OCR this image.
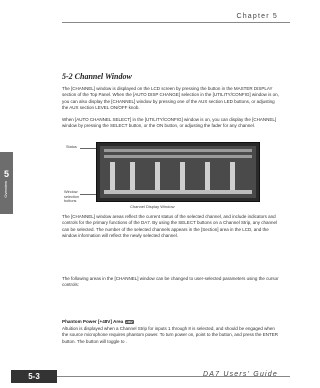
Chapter 5
5
Overview
5-2 Channel Window

The [CHANNEL] window is displayed on the LCD screen by pressing the button in the MASTER DISPLAY section of the Top Panel. When the [AUTO DISP CHANGE] selection in the [UTILITY/CONFIG] window is on, you can also display the [CHANNEL] window by pressing one of the AUX section LED buttons, or adjusting the AUX section LEVEL ON/OFF knob.

When [AUTO CHANNEL SELECT] in the [UTILITY/CONFIG] window is on, you can display the [CHANNEL] window by pressing the SELECT button, or the ON button, or adjusting the fader for any channel.

Status
Window selection buttons
Channel Display Window

The [CHANNEL] window areas reflect the current status of the selected channel, and include indicators and controls for the primary functions of the DA7. By using the SELECT buttons on a Channel Strip, any channel can be selected. The number of the selected channels appears in the [Section] area in the LCD, and the window information will reflect the newly selected channel.

The following areas in the [CHANNEL] window can be changed to user-selected parameters using the cursor controls:

Phantom Power [+48V] Area +48V

Altuition is displayed when a Channel Strip for inputs 1 through 8 is selected, and should be engaged when the source microphone requires phantom power. To turn power on, point to the button, and press the ENTER button. The button will toggle to .

5-3	DA7 Users' Guide
